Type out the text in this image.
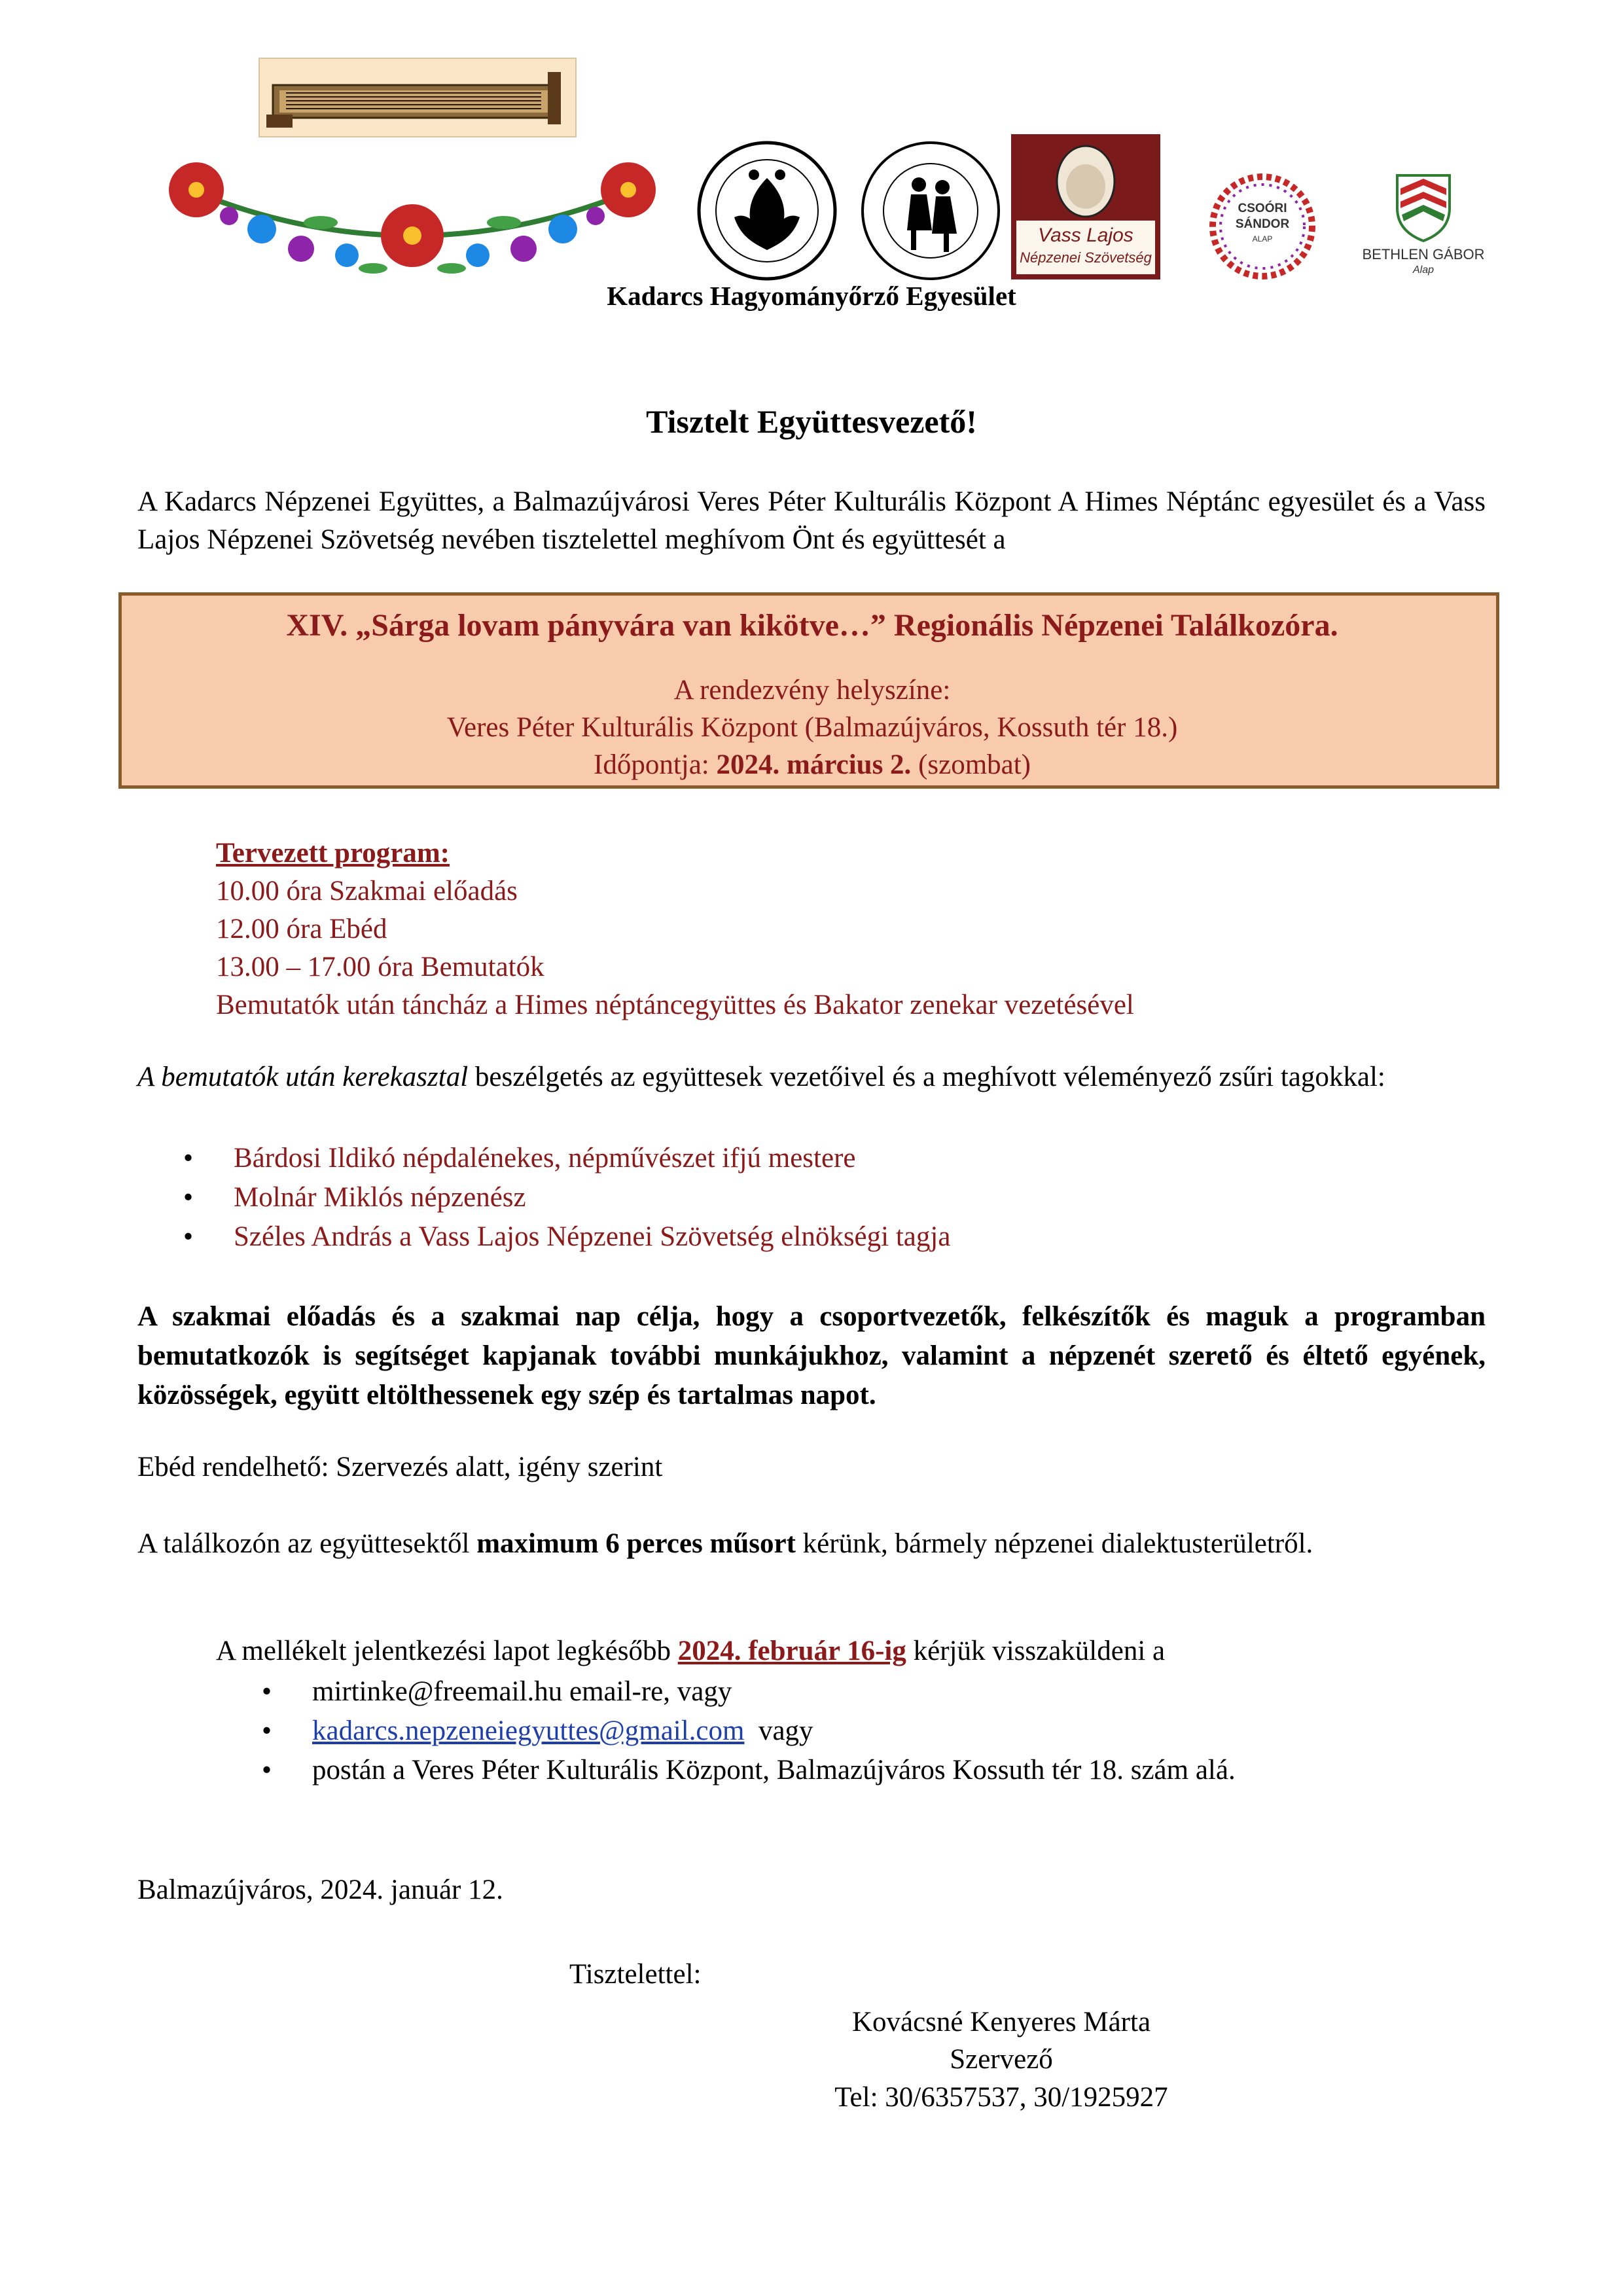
Vass Lajos
Népzenei Szövetség
CSOÓRI
SÁNDOR
ALAP
BETHLEN GÁBOR
Alap
Kadarcs Hagyományőrző Egyesület
Tisztelt Együttesvezető!

A Kadarcs Népzenei Együttes, a Balmazújvárosi Veres Péter Kulturális Központ A Himes Néptánc egyesület és a Vass Lajos Népzenei Szövetség nevében tisztelettel meghívom Önt és együttesét a

XIV. „Sárga lovam pányvára van kikötve…” Regionális Népzenei Találkozóra.
A rendezvény helyszíne:
Veres Péter Kulturális Központ (Balmazújváros, Kossuth tér 18.)
Időpontja: 2024. március 2. (szombat)
Tervezett program:
10.00 óra Szakmai előadás
12.00 óra Ebéd
13.00 – 17.00 óra Bemutatók
Bemutatók után táncház a Himes néptáncegyüttes és Bakator zenekar vezetésével

A bemutatók után kerekasztal beszélgetés az együttesek vezetőivel és a meghívott véleményező zsűri tagokkal:

• Bárdosi Ildikó népdalénekes, népművészet ifjú mestere
• Molnár Miklós népzenész
• Széles András a Vass Lajos Népzenei Szövetség elnökségi tagja

A szakmai előadás és a szakmai nap célja, hogy a csoportvezetők, felkészítők és maguk a programban bemutatkozók is segítséget kapjanak további munkájukhoz, valamint a népzenét szerető és éltető egyének, közösségek, együtt eltölthessenek egy szép és tartalmas napot.

Ebéd rendelhető: Szervezés alatt, igény szerint

A találkozón az együttesektől maximum 6 perces műsort kérünk, bármely népzenei dialektusterületről.

A mellékelt jelentkezési lapot legkésőbb 2024. február 16-ig kérjük visszaküldeni a
• mirtinke@freemail.hu email-re, vagy
• kadarcs.nepzeneiegyuttes@gmail.com  vagy
• postán a Veres Péter Kulturális Központ, Balmazújváros Kossuth tér 18. szám alá.
Balmazújváros, 2024. január 12.
Tisztelettel:
Kovácsné Kenyeres Márta
Szervező
Tel: 30/6357537, 30/1925927
